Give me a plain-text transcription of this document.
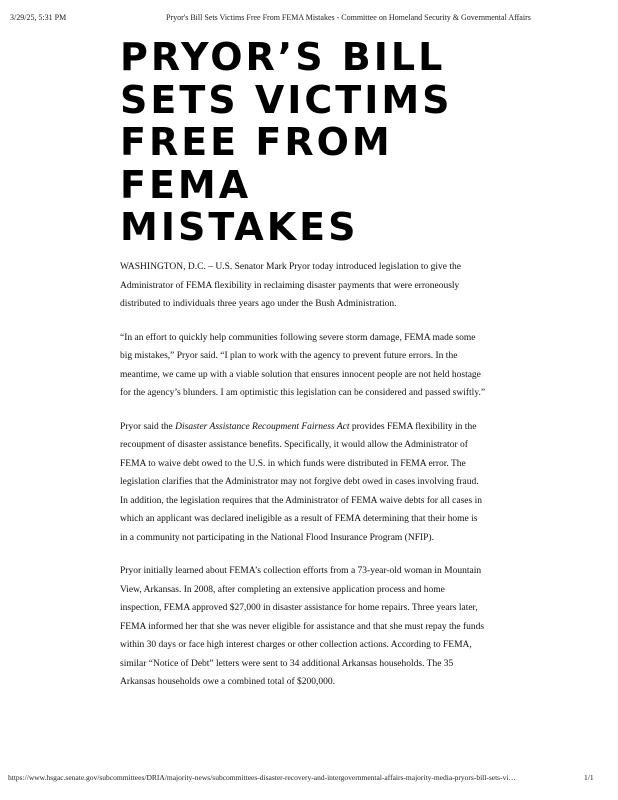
3/29/25, 5:31 PM	Pryor's Bill Sets Victims Free From FEMA Mistakes - Committee on Homeland Security & Governmental Affairs
PRYOR’S BILL
SETS VICTIMS
FREE FROM
FEMA
MISTAKES

WASHINGTON, D.C. – U.S. Senator Mark Pryor today introduced legislation to give the
Administrator of FEMA flexibility in reclaiming disaster payments that were erroneously
distributed to individuals three years ago under the Bush Administration.

“In an effort to quickly help communities following severe storm damage, FEMA made some
big mistakes,” Pryor said. “I plan to work with the agency to prevent future errors. In the
meantime, we came up with a viable solution that ensures innocent people are not held hostage
for the agency’s blunders. I am optimistic this legislation can be considered and passed swiftly.”

Pryor said the Disaster Assistance Recoupment Fairness Act provides FEMA flexibility in the
recoupment of disaster assistance benefits. Specifically, it would allow the Administrator of
FEMA to waive debt owed to the U.S. in which funds were distributed in FEMA error. The
legislation clarifies that the Administrator may not forgive debt owed in cases involving fraud.
In addition, the legislation requires that the Administrator of FEMA waive debts for all cases in
which an applicant was declared ineligible as a result of FEMA determining that their home is
in a community not participating in the National Flood Insurance Program (NFIP).

Pryor initially learned about FEMA’s collection efforts from a 73-year-old woman in Mountain
View, Arkansas. In 2008, after completing an extensive application process and home
inspection, FEMA approved $27,000 in disaster assistance for home repairs. Three years later,
FEMA informed her that she was never eligible for assistance and that she must repay the funds
within 30 days or face high interest charges or other collection actions. According to FEMA,
similar “Notice of Debt” letters were sent to 34 additional Arkansas households. The 35
Arkansas households owe a combined total of $200,000.

https://www.hsgac.senate.gov/subcommittees/DRIA/majority-news/subcommittees-disaster-recovery-and-intergovernmental-affairs-majority-media-pryors-bill-sets-vi…	1/1
